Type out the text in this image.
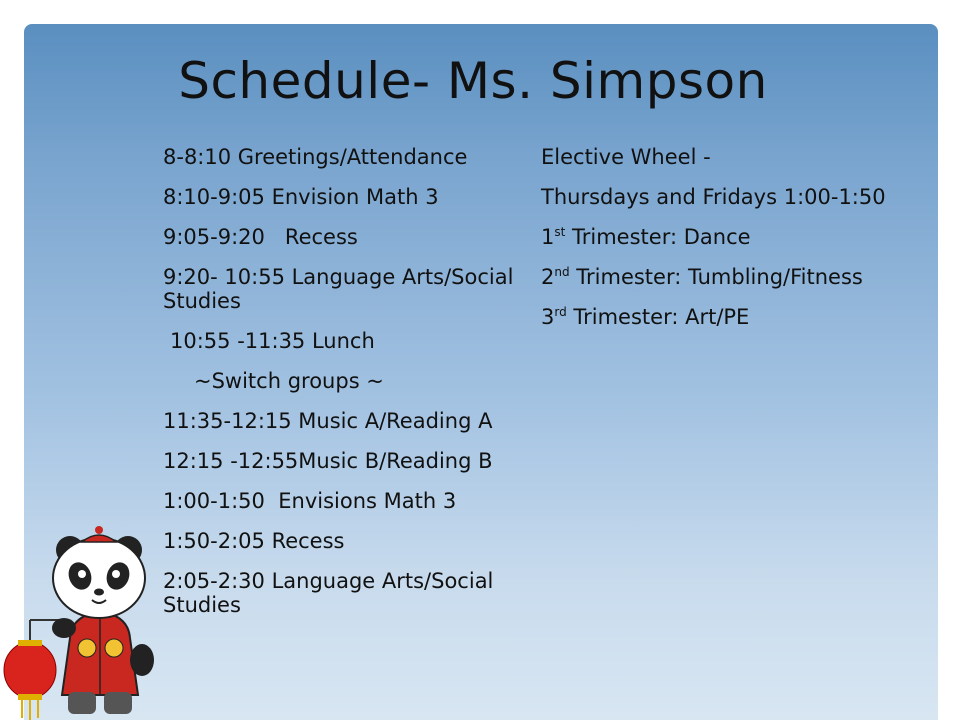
Schedule- Ms. Simpson

8-8:10 Greetings/Attendance

8:10-9:05 Envision Math 3

9:05-9:20   Recess

9:20- 10:55 Language Arts/Social Studies

10:55 -11:35 Lunch

~Switch groups ~

11:35-12:15 Music A/Reading A

12:15 -12:55Music B/Reading B

1:00-1:50  Envisions Math 3

1:50-2:05 Recess

2:05-2:30 Language Arts/Social Studies

Elective Wheel -

Thursdays and Fridays 1:00-1:50

1st Trimester: Dance

2nd Trimester: Tumbling/Fitness

3rd Trimester: Art/PE
